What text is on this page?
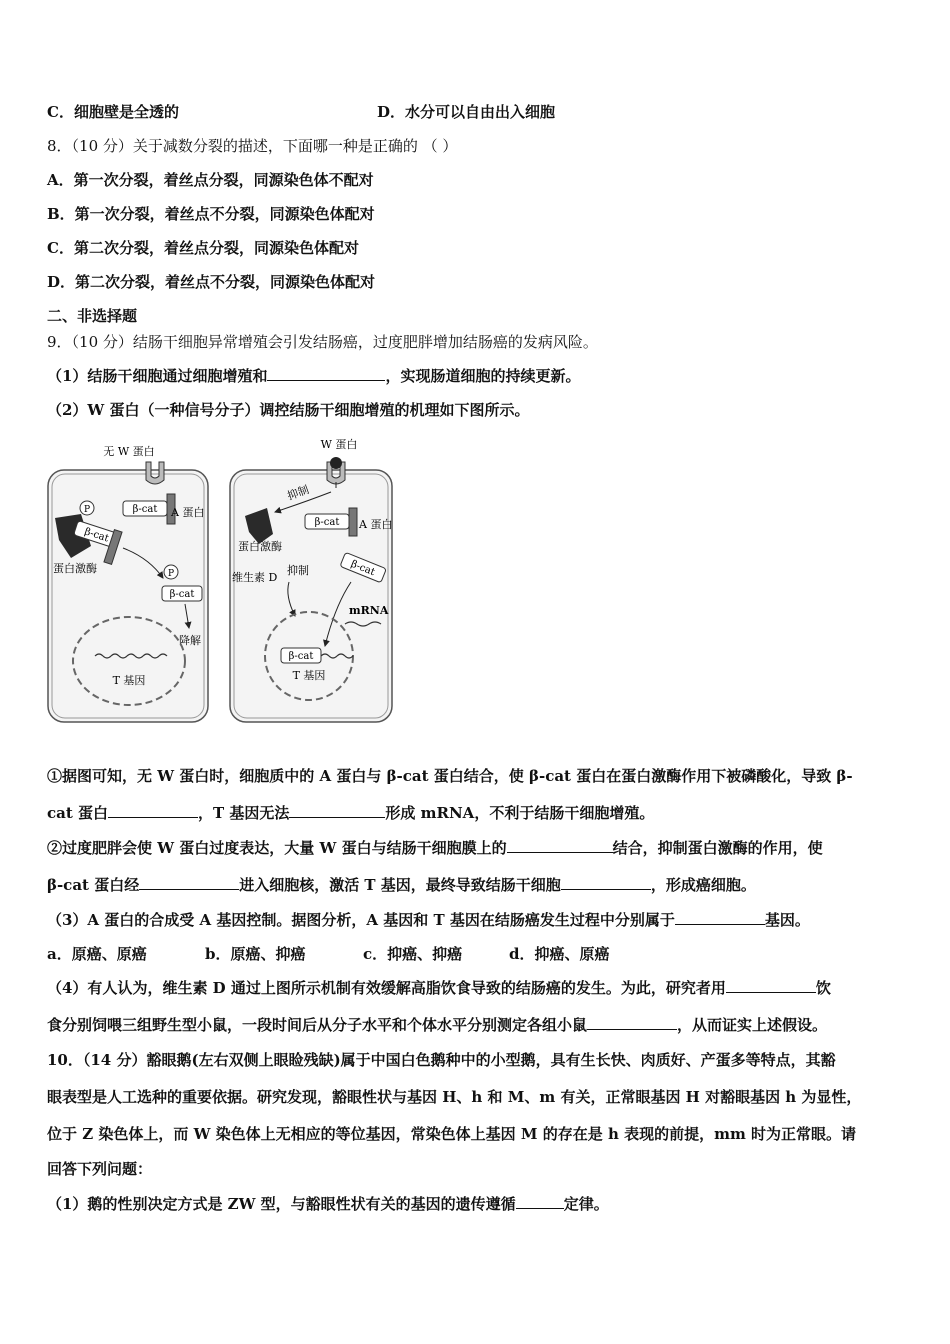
C．细胞壁是全透的	D．水分可以自由出入细胞
8．（10 分）关于减数分裂的描述，下面哪一种是正确的 （ ）
A．第一次分裂，着丝点分裂，同源染色体不配对
B．第一次分裂，着丝点不分裂，同源染色体配对
C．第二次分裂，着丝点分裂，同源染色体配对
D．第二次分裂，着丝点不分裂，同源染色体配对
二、非选择题
9．（10 分）结肠干细胞异常增殖会引发结肠癌，过度肥胖增加结肠癌的发病风险。
（1）结肠干细胞通过细胞增殖和	，实现肠道细胞的持续更新。
（2）W 蛋白（一种信号分子）调控结肠干细胞增殖的机理如下图所示。
无 W 蛋白
A 蛋白
β-cat
P
β-cat
蛋白激酶	P
β-cat
降解
T 基因
W 蛋白
抑制
蛋白激酶
β-cat A 蛋白
β-cat
维生素 D
抑制
mRNA
β-cat
T 基因
①据图可知，无 W 蛋白时，细胞质中的 A 蛋白与 β-cat 蛋白结合，使 β-cat 蛋白在蛋白激酶作用下被磷酸化，导致 β-
cat 蛋白	，T 基因无法	形成 mRNA，不利于结肠干细胞增殖。
②过度肥胖会使 W 蛋白过度表达，大量 W 蛋白与结肠干细胞膜上的	结合，抑制蛋白激酶的作用，使
β-cat 蛋白经	进入细胞核，激活 T 基因，最终导致结肠干细胞	，形成癌细胞。
（3）A 蛋白的合成受 A 基因控制。据图分析，A 基因和 T 基因在结肠癌发生过程中分别属于	基因。
a．原癌、原癌	b．原癌、抑癌	c．抑癌、抑癌	d．抑癌、原癌
（4）有人认为，维生素 D 通过上图所示机制有效缓解高脂饮食导致的结肠癌的发生。为此，研究者用	饮
食分别饲喂三组野生型小鼠，一段时间后从分子水平和个体水平分别测定各组小鼠	，从而证实上述假设。
10．（14 分）豁眼鹅(左右双侧上眼睑残缺)属于中国白色鹅种中的小型鹅，具有生长快、肉质好、产蛋多等特点，其豁
眼表型是人工选种的重要依据。研究发现，豁眼性状与基因 H、h 和 M、m 有关，正常眼基因 H 对豁眼基因 h 为显性，
位于 Z 染色体上，而 W 染色体上无相应的等位基因，常染色体上基因 M 的存在是 h 表现的前提，mm 时为正常眼。请
回答下列问题：
（1）鹅的性别决定方式是 ZW 型，与豁眼性状有关的基因的遗传遵循	定律。
